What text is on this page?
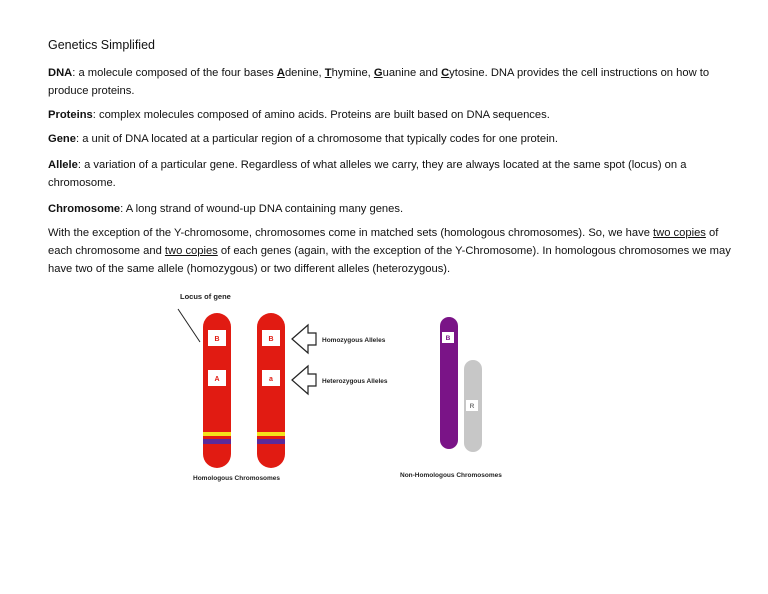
Genetics Simplified
DNA: a molecule composed of the four bases Adenine, Thymine, Guanine and Cytosine. DNA provides the cell instructions on how to produce proteins.
Proteins: complex molecules composed of amino acids. Proteins are built based on DNA sequences.
Gene: a unit of DNA located at a particular region of a chromosome that typically codes for one protein.
Allele: a variation of a particular gene. Regardless of what alleles we carry, they are always located at the same spot (locus) on a chromosome.
Chromosome: A long strand of wound-up DNA containing many genes.
With the exception of the Y-chromosome, chromosomes come in matched sets (homologous chromosomes). So, we have two copies of each chromosome and two copies of each genes (again, with the exception of the Y-Chromosome). In homologous chromosomes we may have two of the same allele (homozygous) or two different alleles (heterozygous).
Locus of gene
B
A
B
a
Homozygous Alleles
Heterozygous Alleles
Homologous Chromosomes
B
R
Non-Homologous Chromosomes
